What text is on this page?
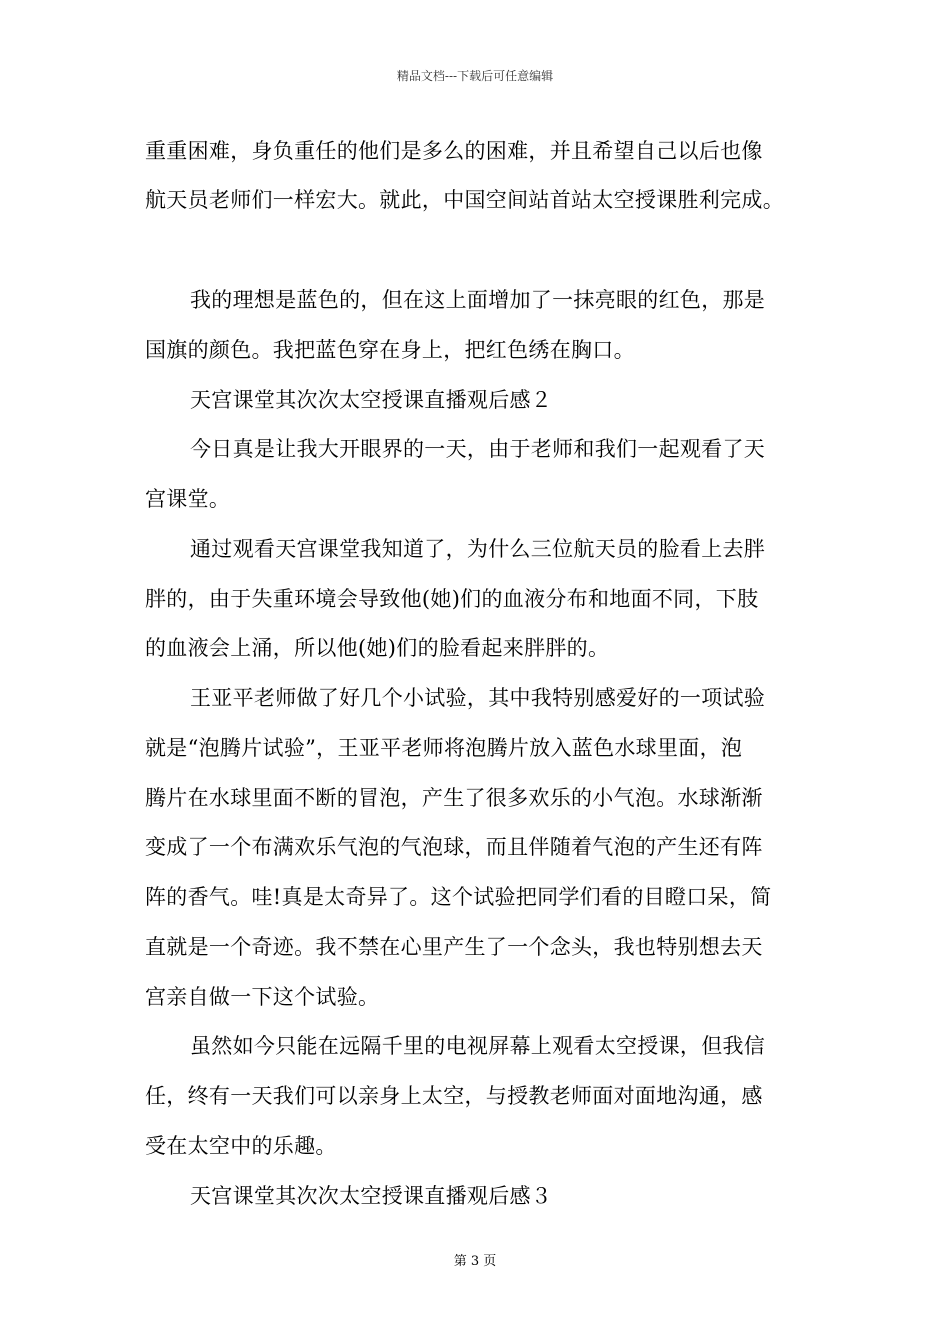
精品文档---下载后可任意编辑
重重困难，身负重任的他们是多么的困难，并且希望自己以后也像
航天员老师们一样宏大。就此，中国空间站首站太空授课胜利完成。
我的理想是蓝色的，但在这上面增加了一抹亮眼的红色，那是
国旗的颜色。我把蓝色穿在身上，把红色绣在胸口。
天宫课堂其次次太空授课直播观后感２
今日真是让我大开眼界的一天，由于老师和我们一起观看了天
宫课堂。
通过观看天宫课堂我知道了，为什么三位航天员的脸看上去胖
胖的，由于失重环境会导致他(她)们的血液分布和地面不同，下肢
的血液会上涌，所以他(她)们的脸看起来胖胖的。
王亚平老师做了好几个小试验，其中我特别感爱好的一项试验
就是“泡腾片试验”，王亚平老师将泡腾片放入蓝色水球里面，泡
腾片在水球里面不断的冒泡，产生了很多欢乐的小气泡。水球渐渐
变成了一个布满欢乐气泡的气泡球，而且伴随着气泡的产生还有阵
阵的香气。哇!真是太奇异了。这个试验把同学们看的目瞪口呆，简
直就是一个奇迹。我不禁在心里产生了一个念头，我也特别想去天
宫亲自做一下这个试验。
虽然如今只能在远隔千里的电视屏幕上观看太空授课，但我信
任，终有一天我们可以亲身上太空，与授教老师面对面地沟通，感
受在太空中的乐趣。
天宫课堂其次次太空授课直播观后感３
第 3 页
